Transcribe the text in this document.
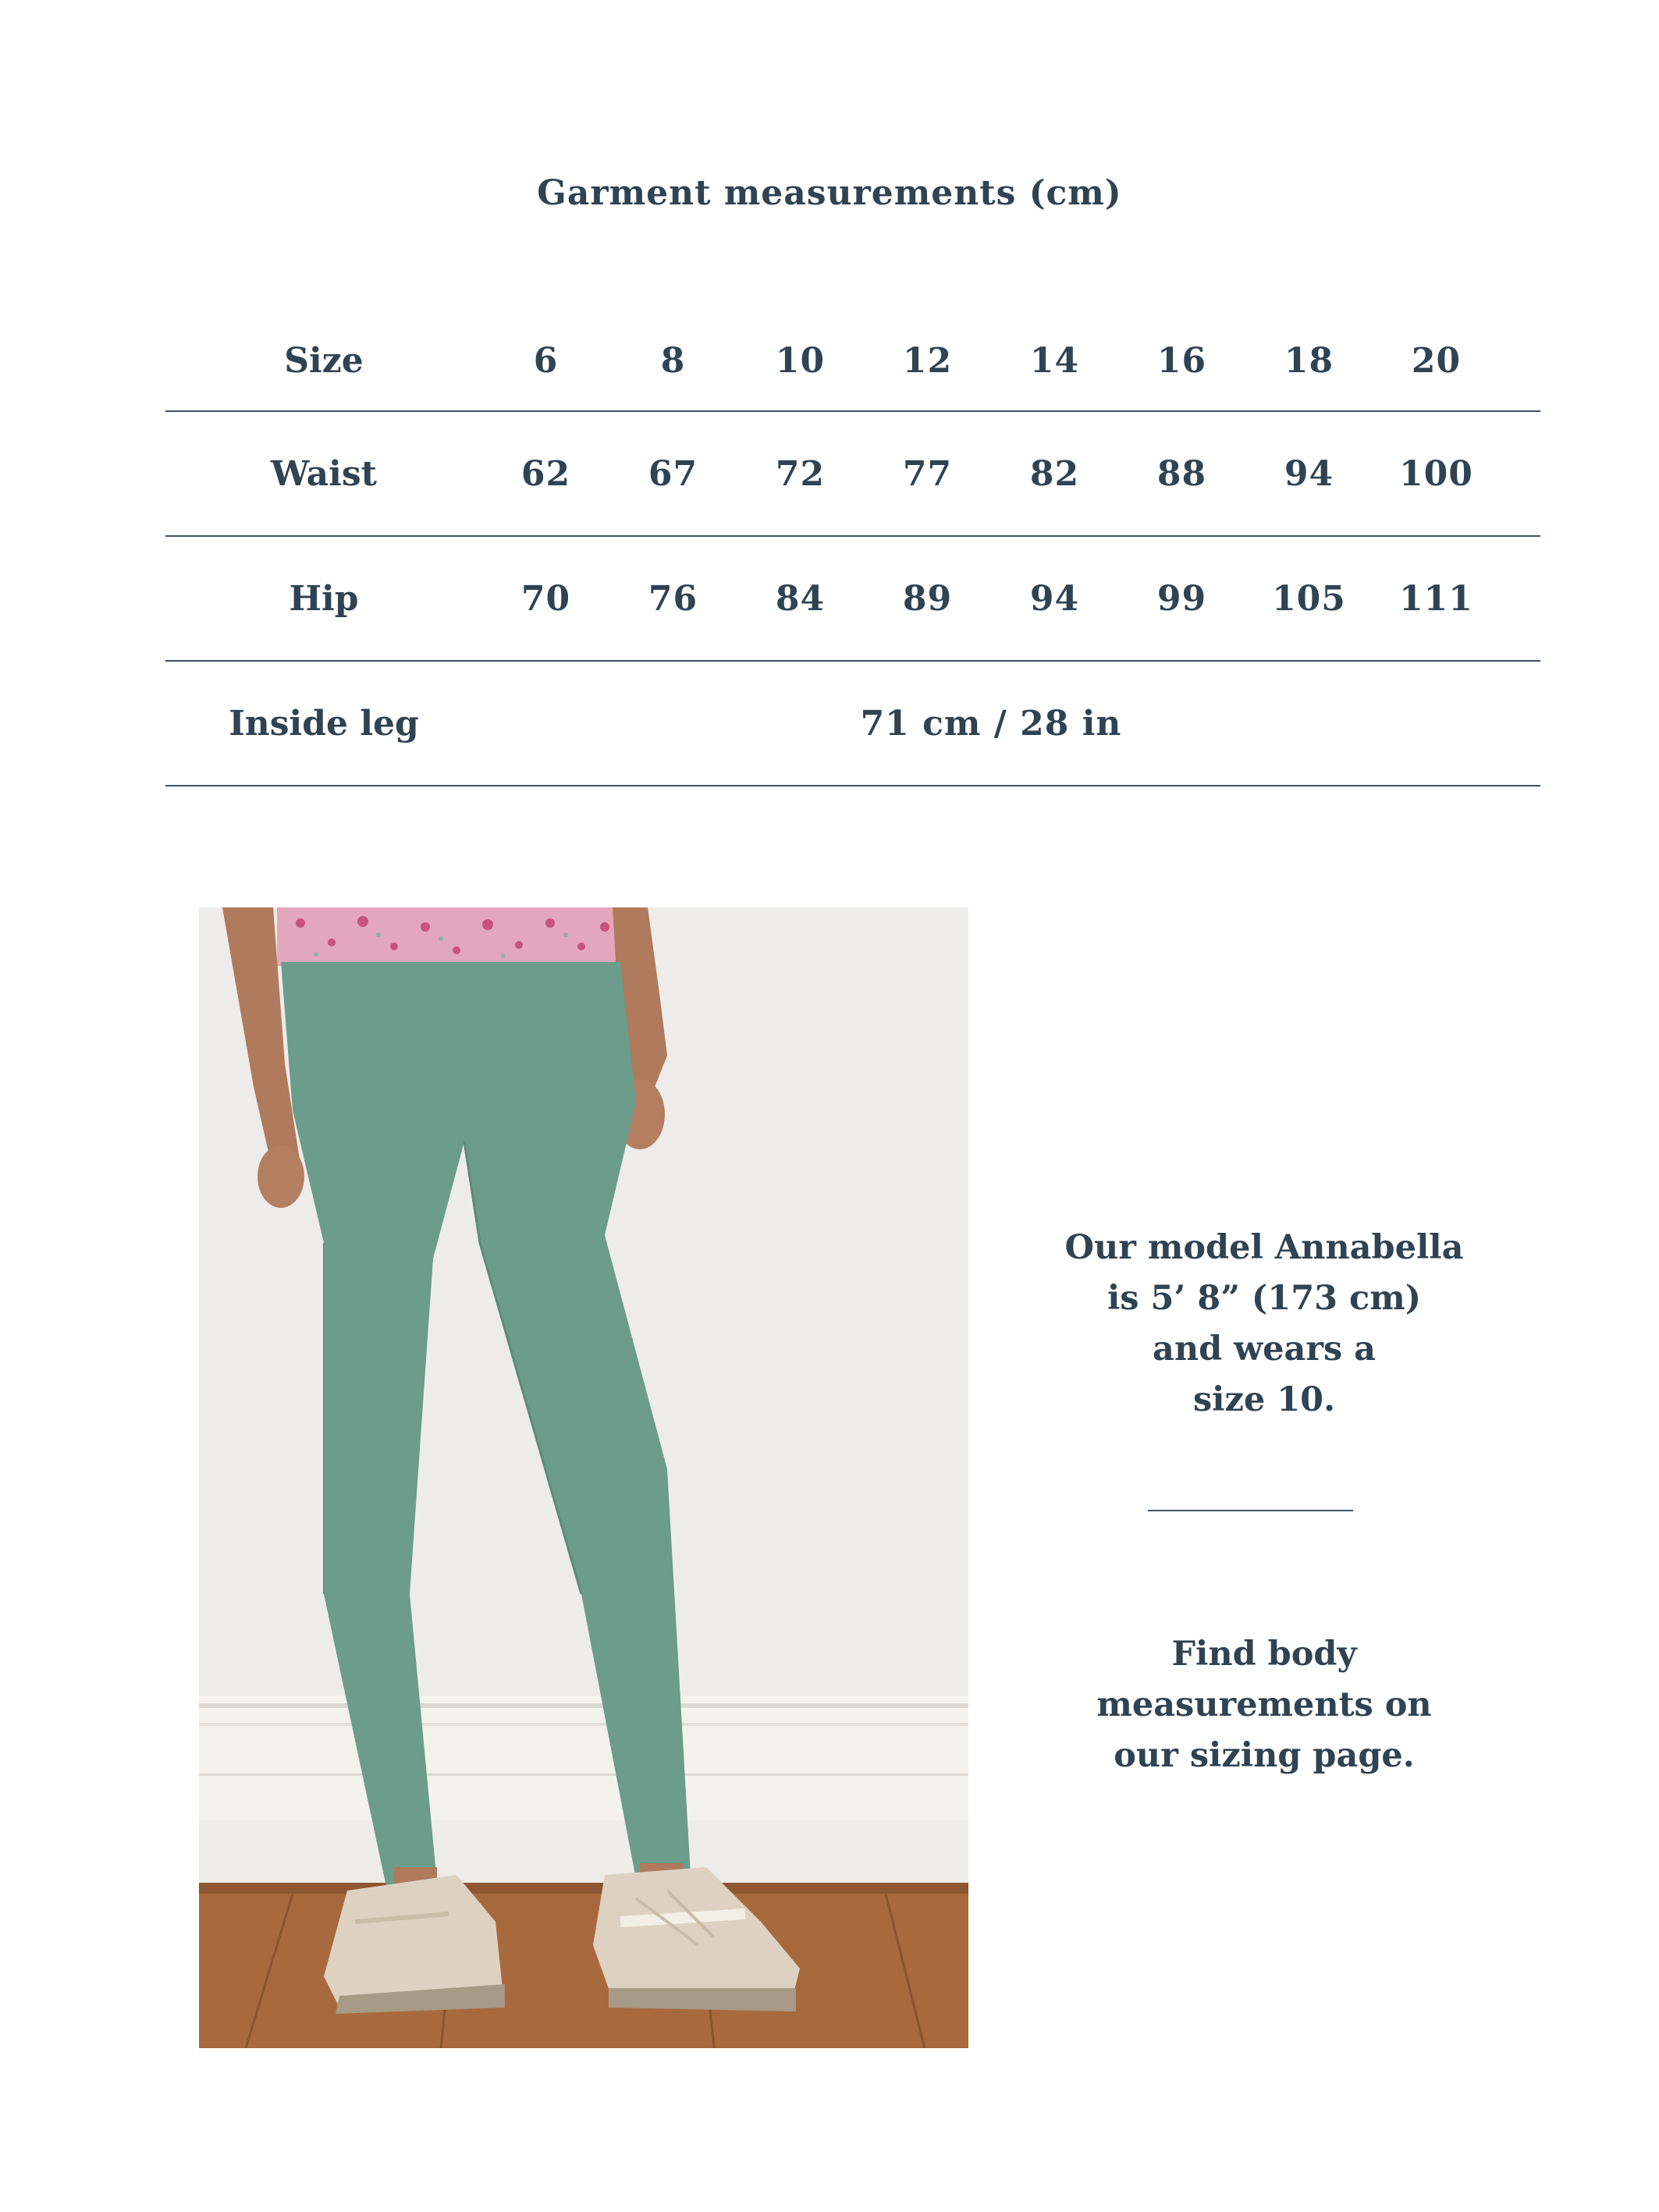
Garment measurements (cm)
Size	6	8	10	12	14	16	18	20
Waist	62	67	72	77	82	88	94	100
Hip	70	76	84	89	94	99	105	111
Inside leg	71 cm / 28 in
Our model Annabella
is 5’ 8” (173 cm)
and wears a
size 10.
Find body
measurements on
our sizing page.
